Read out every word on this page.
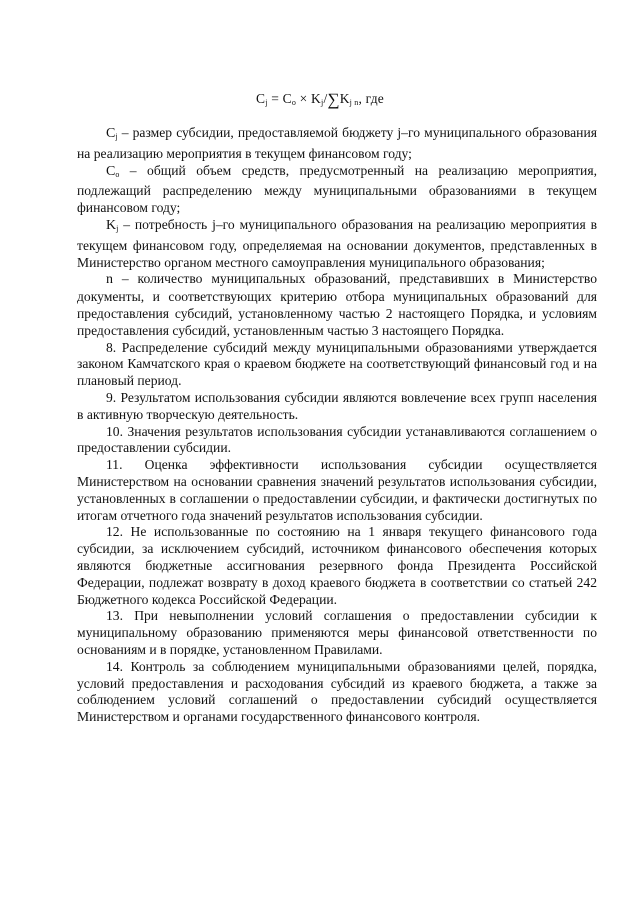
$C_j = C_o \times K_j/\sum K_{j n}$, где

$C_j$ – размер субсидии, предоставляемой бюджету j–го муниципального образования на реализацию мероприятия в текущем финансовом году;

$C_o$ – общий объем средств, предусмотренный на реализацию мероприятия, подлежащий распределению между муниципальными образованиями в текущем финансовом году;

$K_j$ – потребность j–го муниципального образования на реализацию мероприятия в текущем финансовом году, определяемая на основании документов, представленных в Министерство органом местного самоуправления муниципального образования;

n – количество муниципальных образований, представивших в Министерство документы, и соответствующих критерию отбора муниципальных образований для предоставления субсидий, установленному частью 2 настоящего Порядка, и условиям предоставления субсидий, установленным частью 3 настоящего Порядка.

8. Распределение субсидий между муниципальными образованиями утверждается законом Камчатского края о краевом бюджете на соответствующий финансовый год и на плановый период.

9. Результатом использования субсидии являются вовлечение всех групп населения в активную творческую деятельность.

10. Значения результатов использования субсидии устанавливаются соглашением о предоставлении субсидии.

11. Оценка эффективности использования субсидии осуществляется Министерством на основании сравнения значений результатов использования субсидии, установленных в соглашении о предоставлении субсидии, и фактически достигнутых по итогам отчетного года значений результатов использования субсидии.

12. Не использованные по состоянию на 1 января текущего финансового года субсидии, за исключением субсидий, источником финансового обеспечения которых являются бюджетные ассигнования резервного фонда Президента Российской Федерации, подлежат возврату в доход краевого бюджета в соответствии со статьей 242 Бюджетного кодекса Российской Федерации.

13. При невыполнении условий соглашения о предоставлении субсидии к муниципальному образованию применяются меры финансовой ответственности по основаниям и в порядке, установленном Правилами.

14. Контроль за соблюдением муниципальными образованиями целей, порядка, условий предоставления и расходования субсидий из краевого бюджета, а также за соблюдением условий соглашений о предоставлении субсидий осуществляется Министерством и органами государственного финансового контроля.
